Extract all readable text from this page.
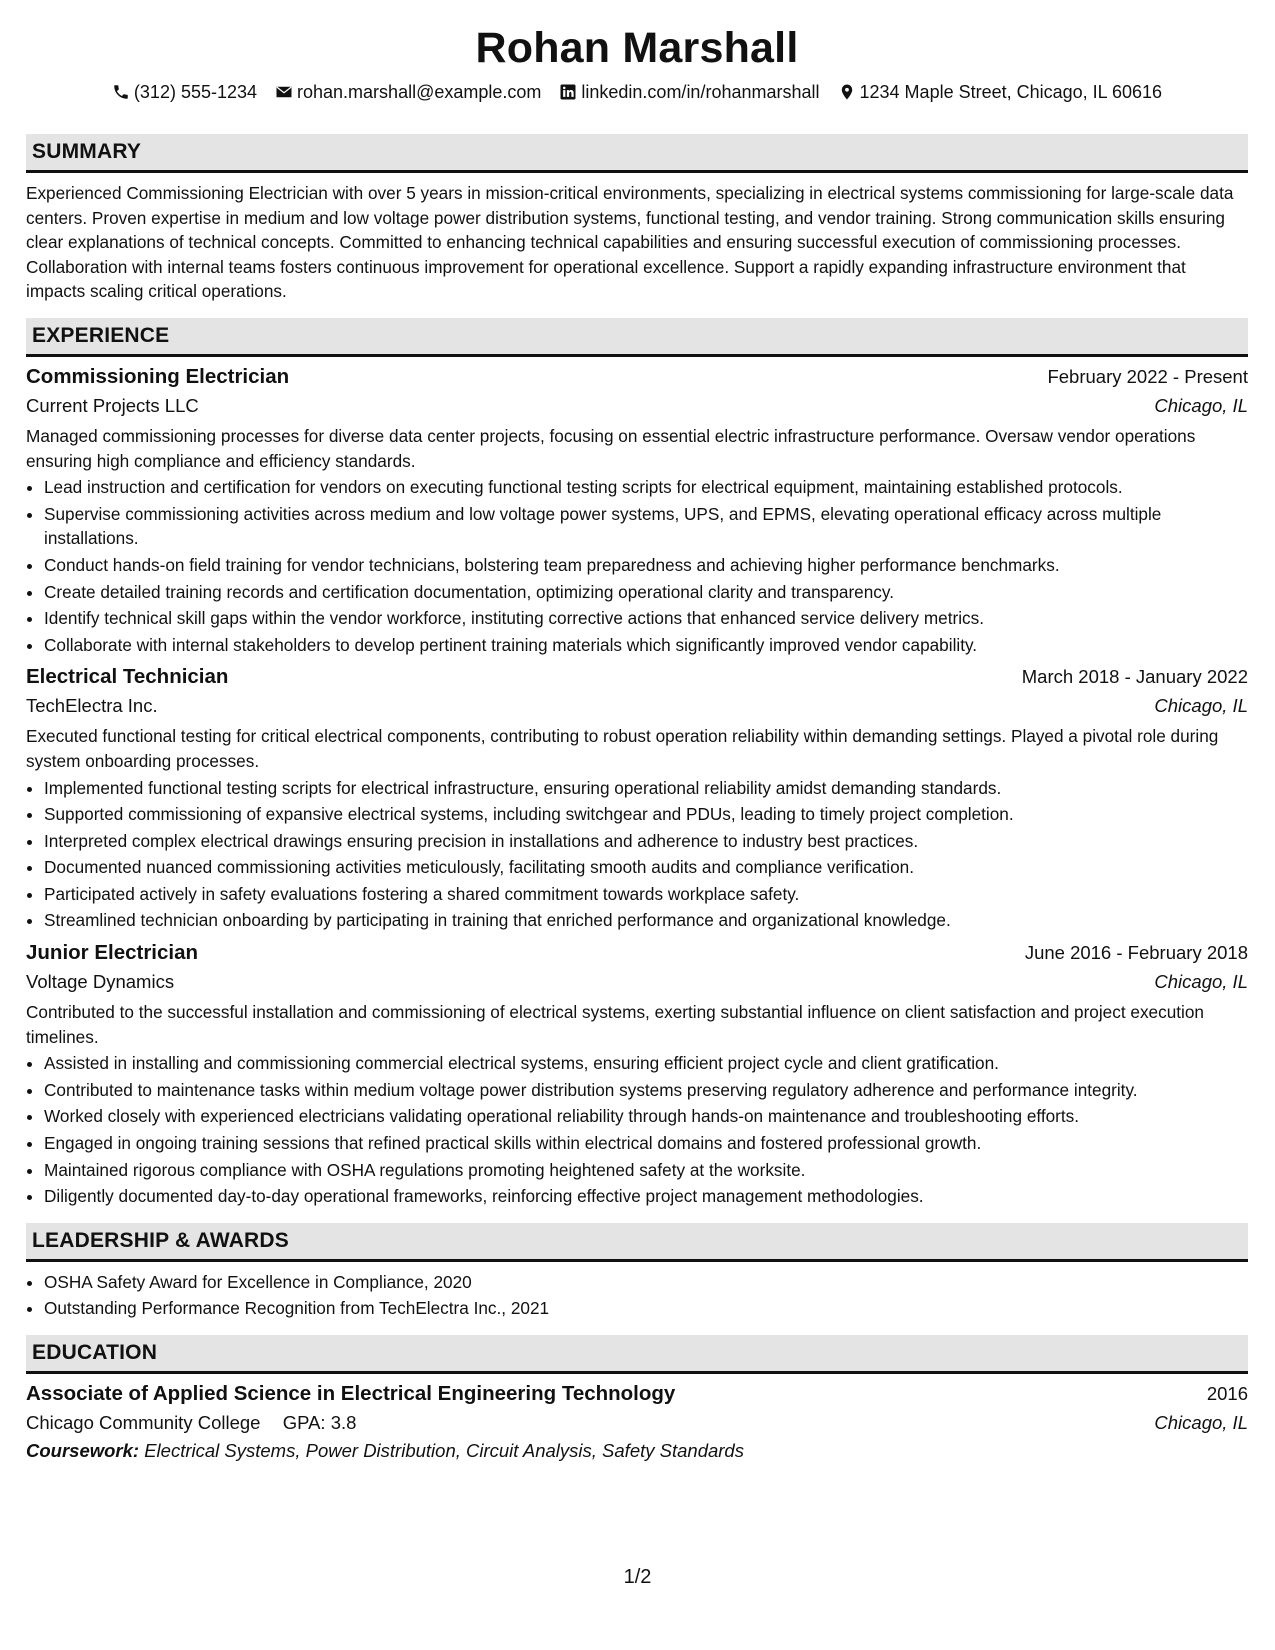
Rohan Marshall
(312) 555-1234 rohan.marshall@example.com linkedin.com/in/rohanmarshall 1234 Maple Street, Chicago, IL 60616
SUMMARY

Experienced Commissioning Electrician with over 5 years in mission-critical environments, specializing in electrical systems commissioning for large-scale data centers. Proven expertise in medium and low voltage power distribution systems, functional testing, and vendor training. Strong communication skills ensuring clear explanations of technical concepts. Committed to enhancing technical capabilities and ensuring successful execution of commissioning processes. Collaboration with internal teams fosters continuous improvement for operational excellence. Support a rapidly expanding infrastructure environment that impacts scaling critical operations.

EXPERIENCE
Commissioning Electrician	February 2022 - Present
Current Projects LLC	Chicago, IL

Managed commissioning processes for diverse data center projects, focusing on essential electric infrastructure performance. Oversaw vendor operations ensuring high compliance and efficiency standards.

• Lead instruction and certification for vendors on executing functional testing scripts for electrical equipment, maintaining established protocols.
• Supervise commissioning activities across medium and low voltage power systems, UPS, and EPMS, elevating operational efficacy across multiple installations.
• Conduct hands-on field training for vendor technicians, bolstering team preparedness and achieving higher performance benchmarks.
• Create detailed training records and certification documentation, optimizing operational clarity and transparency.
• Identify technical skill gaps within the vendor workforce, instituting corrective actions that enhanced service delivery metrics.
• Collaborate with internal stakeholders to develop pertinent training materials which significantly improved vendor capability.
Electrical Technician	March 2018 - January 2022
TechElectra Inc.	Chicago, IL

Executed functional testing for critical electrical components, contributing to robust operation reliability within demanding settings. Played a pivotal role during system onboarding processes.

• Implemented functional testing scripts for electrical infrastructure, ensuring operational reliability amidst demanding standards.
• Supported commissioning of expansive electrical systems, including switchgear and PDUs, leading to timely project completion.
• Interpreted complex electrical drawings ensuring precision in installations and adherence to industry best practices.
• Documented nuanced commissioning activities meticulously, facilitating smooth audits and compliance verification.
• Participated actively in safety evaluations fostering a shared commitment towards workplace safety.
• Streamlined technician onboarding by participating in training that enriched performance and organizational knowledge.
Junior Electrician	June 2016 - February 2018
Voltage Dynamics	Chicago, IL

Contributed to the successful installation and commissioning of electrical systems, exerting substantial influence on client satisfaction and project execution timelines.

• Assisted in installing and commissioning commercial electrical systems, ensuring efficient project cycle and client gratification.
• Contributed to maintenance tasks within medium voltage power distribution systems preserving regulatory adherence and performance integrity.
• Worked closely with experienced electricians validating operational reliability through hands-on maintenance and troubleshooting efforts.
• Engaged in ongoing training sessions that refined practical skills within electrical domains and fostered professional growth.
• Maintained rigorous compliance with OSHA regulations promoting heightened safety at the worksite.
• Diligently documented day-to-day operational frameworks, reinforcing effective project management methodologies.
LEADERSHIP & AWARDS
• OSHA Safety Award for Excellence in Compliance, 2020
• Outstanding Performance Recognition from TechElectra Inc., 2021
EDUCATION
Associate of Applied Science in Electrical Engineering Technology	2016
Chicago Community College GPA: 3.8	Chicago, IL
Coursework: Electrical Systems, Power Distribution, Circuit Analysis, Safety Standards
1/2
